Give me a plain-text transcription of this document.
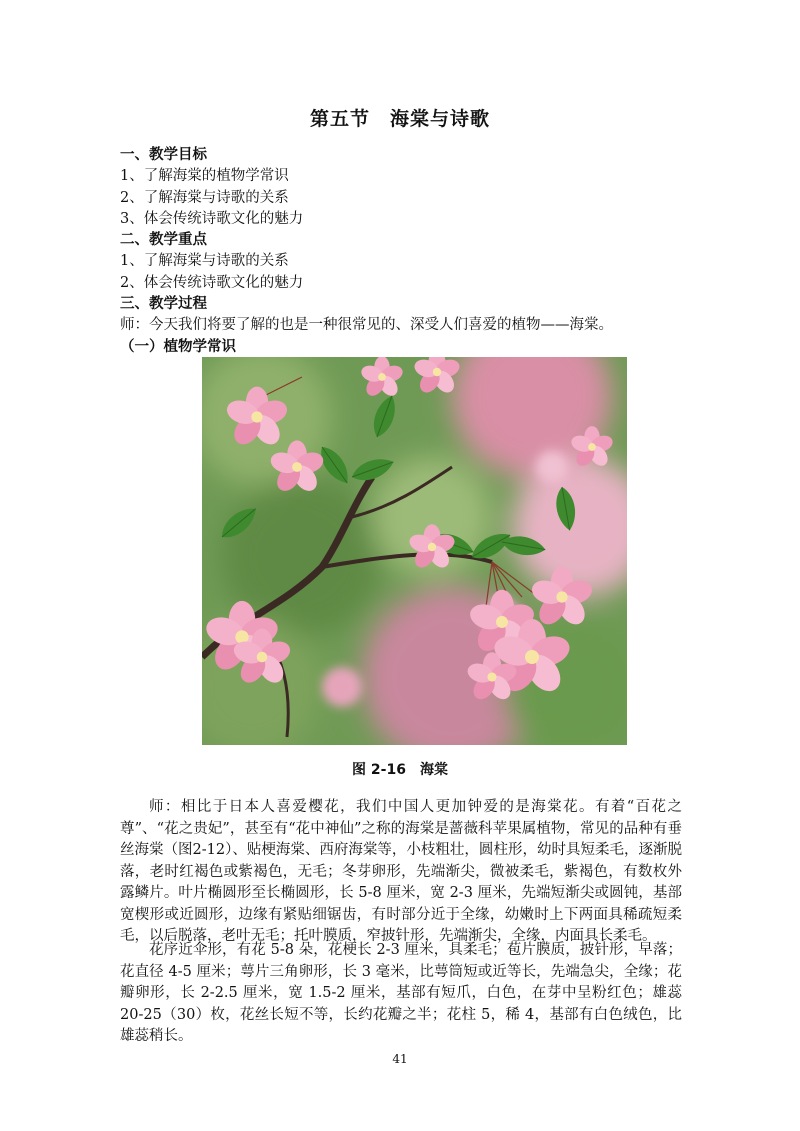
第五节　海棠与诗歌
一、教学目标
1、了解海棠的植物学常识
2、了解海棠与诗歌的关系
3、体会传统诗歌文化的魅力
二、教学重点
1、了解海棠与诗歌的关系
2、体会传统诗歌文化的魅力
三、教学过程
师：今天我们将要了解的也是一种很常见的、深受人们喜爱的植物——海棠。
（一）植物学常识
图 2-16　海棠

师：相比于日本人喜爱樱花，我们中国人更加钟爱的是海棠花。有着“百花之尊”、“花之贵妃”，甚至有“花中神仙”之称的海棠是蔷薇科苹果属植物，常见的品种有垂丝海棠（图2-12）、贴梗海棠、西府海棠等，小枝粗壮，圆柱形，幼时具短柔毛，逐渐脱落，老时红褐色或紫褐色，无毛；冬芽卵形，先端渐尖，微被柔毛，紫褐色，有数枚外露鳞片。叶片椭圆形至长椭圆形，长 5-8 厘米，宽 2-3 厘米，先端短渐尖或圆钝，基部宽楔形或近圆形，边缘有紧贴细锯齿，有时部分近于全缘，幼嫩时上下两面具稀疏短柔毛，以后脱落，老叶无毛；托叶膜质，窄披针形，先端渐尖，全缘，内面具长柔毛。

花序近伞形，有花 5-8 朵，花梗长 2-3 厘米，具柔毛；苞片膜质，披针形，早落；花直径 4-5 厘米；萼片三角卵形，长 3 毫米，比萼筒短或近等长，先端急尖，全缘；花瓣卵形，长 2-2.5 厘米，宽 1.5-2 厘米，基部有短爪，白色，在芽中呈粉红色；雄蕊 20-25（30）枚，花丝长短不等，长约花瓣之半；花柱 5，稀 4，基部有白色绒色，比雄蕊稍长。

41
